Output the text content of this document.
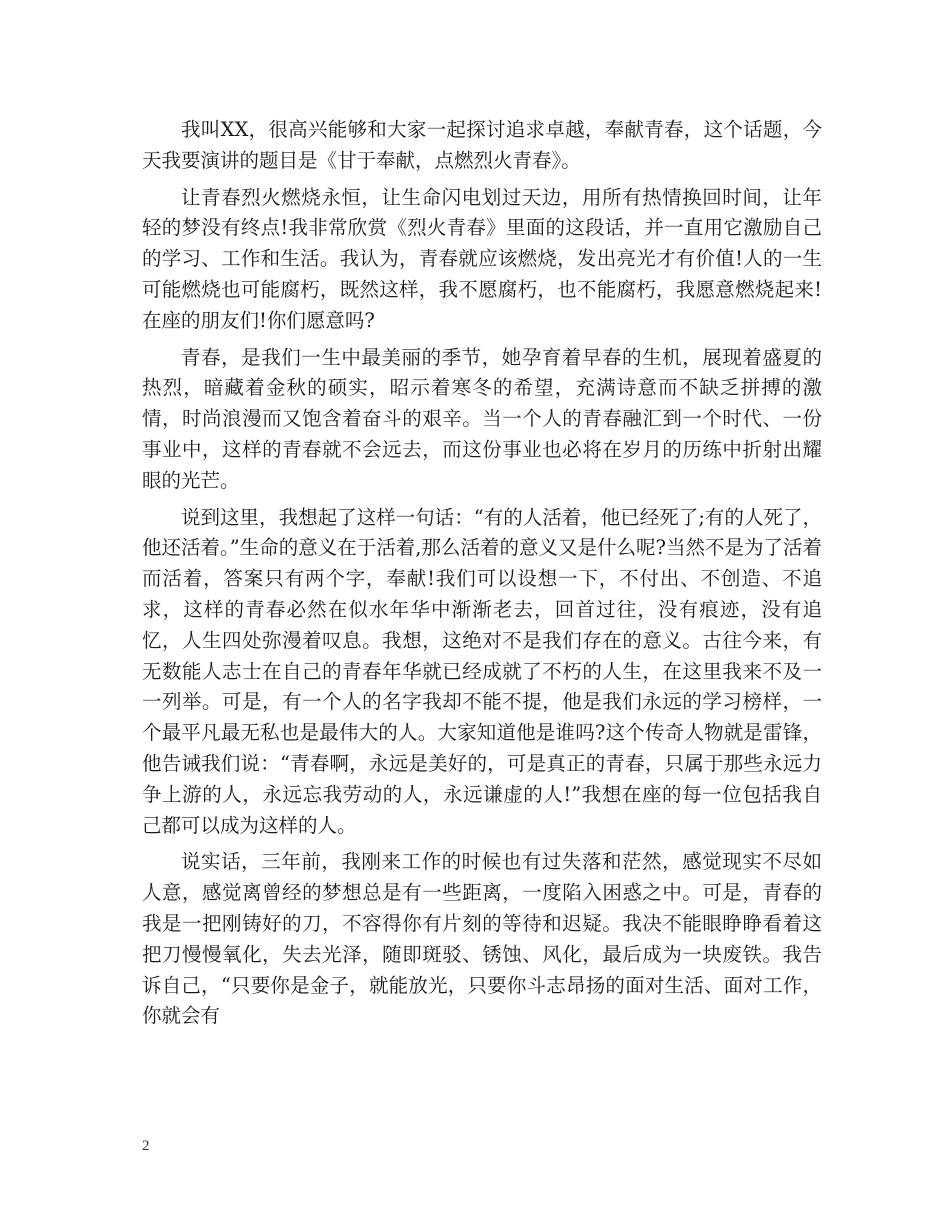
我叫XX，很高兴能够和大家一起探讨追求卓越，奉献青春，这个话题，今天我要演讲的题目是《甘于奉献，点燃烈火青春》。

让青春烈火燃烧永恒，让生命闪电划过天边，用所有热情换回时间，让年轻的梦没有终点!我非常欣赏《烈火青春》里面的这段话，并一直用它激励自己的学习、工作和生活。我认为，青春就应该燃烧，发出亮光才有价值!人的一生可能燃烧也可能腐朽，既然这样，我不愿腐朽，也不能腐朽，我愿意燃烧起来!在座的朋友们!你们愿意吗?

青春，是我们一生中最美丽的季节，她孕育着早春的生机，展现着盛夏的热烈，暗藏着金秋的硕实，昭示着寒冬的希望，充满诗意而不缺乏拼搏的激情，时尚浪漫而又饱含着奋斗的艰辛。当一个人的青春融汇到一个时代、一份事业中，这样的青春就不会远去，而这份事业也必将在岁月的历练中折射出耀眼的光芒。

说到这里，我想起了这样一句话：“有的人活着，他已经死了;有的人死了，他还活着。”生命的意义在于活着,那么活着的意义又是什么呢?当然不是为了活着而活着，答案只有两个字，奉献!我们可以设想一下，不付出、不创造、不追求，这样的青春必然在似水年华中渐渐老去，回首过往，没有痕迹，没有追忆，人生四处弥漫着叹息。我想，这绝对不是我们存在的意义。古往今来，有无数能人志士在自己的青春年华就已经成就了不朽的人生，在这里我来不及一一列举。可是，有一个人的名字我却不能不提，他是我们永远的学习榜样，一个最平凡最无私也是最伟大的人。大家知道他是谁吗?这个传奇人物就是雷锋，他告诫我们说：“青春啊，永远是美好的，可是真正的青春，只属于那些永远力争上游的人，永远忘我劳动的人，永远谦虚的人!”我想在座的每一位包括我自己都可以成为这样的人。

说实话，三年前，我刚来工作的时候也有过失落和茫然，感觉现实不尽如人意，感觉离曾经的梦想总是有一些距离，一度陷入困惑之中。可是，青春的我是一把刚铸好的刀，不容得你有片刻的等待和迟疑。我决不能眼睁睁看着这把刀慢慢氧化，失去光泽，随即斑驳、锈蚀、风化，最后成为一块废铁。我告诉自己，“只要你是金子，就能放光，只要你斗志昂扬的面对生活、面对工作，你就会有

2
